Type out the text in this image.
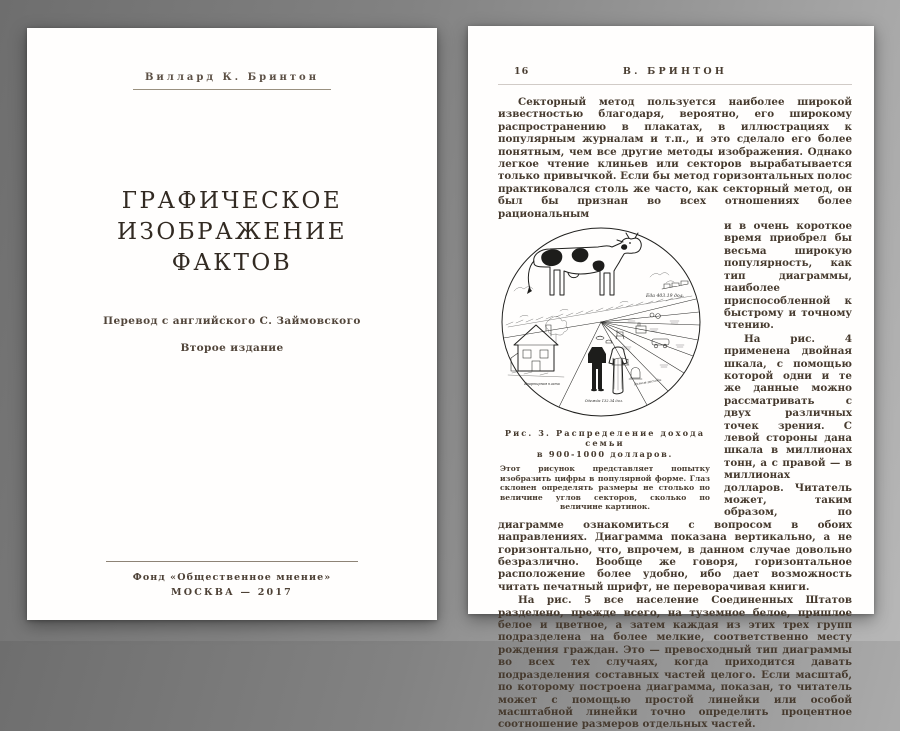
Виллард К. Бринтон
ГРАФИЧЕСКОЕ
ИЗОБРАЖЕНИЕ
ФАКТОВ
Перевод с английского С. Займовского
Второе издание
Фонд «Общественное мнение»
МОСКВА — 2017
16	В. БРИНТОН

Секторный метод пользуется наиболее широкой известностью благодаря, вероятно, его широкому распространению в плакатах, в иллюстрациях к популярным журналам и т.п., и это сделало его более понятным, чем все другие методы изображения. Однако легкое чтение клиньев или секторов вырабатывается только привычкой. Если бы метод горизонтальных полос практиковался столь же часто, как секторный метод, он был бы признан во всех отношениях более рациональным

Еда 403.19 дол.
Квартирная плата
Одежда 132.34 дол.
Разные расходы
Рис. 3. Распределение дохода семьи
в 900-1000 долларов.
Этот рисунок представляет попытку изобразить цифры в популярной форме. Глаз склонен определять размеры не столько по величине углов секторов, сколько по величине картинок.

и в очень короткое время приобрел бы весьма широкую популярность, как тип диаграммы, наиболее приспособленной к быстрому и точному чтению.

На рис. 4 применена двойная шкала, с помощью которой одни и те же данные можно рассматривать с двух различных точек зрения. С левой стороны дана шкала в миллионах тонн, а с правой — в миллионах долларов. Читатель может, таким образом, по диаграмме ознакомиться с вопросом в обоих направлениях. Диаграмма показана вертикально, а не горизонтально, что, впрочем, в данном случае довольно безразлично. Вообще же говоря, горизонтальное расположение более удобно, ибо дает возможность читать печатный шрифт, не переворачивая книги.

На рис. 5 все население Соединенных Штатов разделено, прежде всего, на туземное белое, пришлое белое и цветное, а затем каждая из этих трех групп подразделена на более мелкие, соответственно месту рождения граждан. Это — превосходный тип диаграммы во всех тех случаях, когда приходится давать подразделения составных частей целого. Если масштаб, по которому построена диаграмма, показан, то читатель может с помощью простой линейки или особой масштабной линейки точно определить процентное соотношение размеров отдельных частей.
